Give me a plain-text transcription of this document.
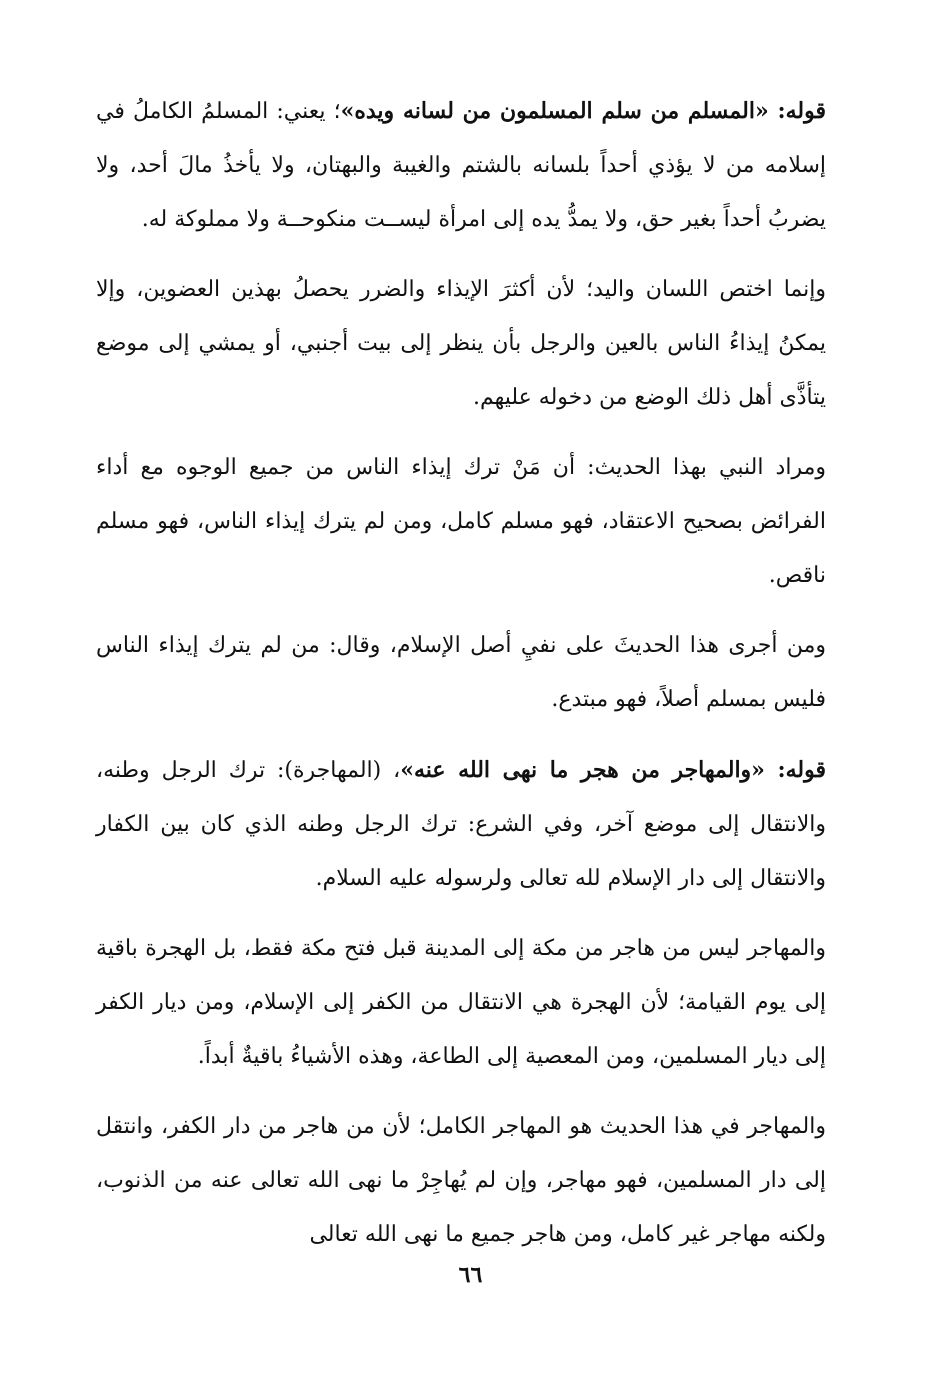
قوله: «المسلم من سلم المسلمون من لسانه ويده»؛ يعني: المسلمُ الكاملُ في إسلامه من لا يؤذي أحداً بلسانه بالشتم والغيبة والبهتان، ولا يأخذُ مالَ أحد، ولا يضربُ أحداً بغير حق، ولا يمدُّ يده إلى امرأة ليســت منكوحــة ولا مملوكة له.

وإنما اختص اللسان واليد؛ لأن أكثرَ الإيذاء والضرر يحصلُ بهذين العضوين، وإلا يمكنُ إيذاءُ الناس بالعين والرجل بأن ينظر إلى بيت أجنبي، أو يمشي إلى موضع يتأذَّى أهل ذلك الوضع من دخوله عليهم.

ومراد النبي بهذا الحديث: أن مَنْ ترك إيذاء الناس من جميع الوجوه مع أداء الفرائض بصحيح الاعتقاد، فهو مسلم كامل، ومن لم يترك إيذاء الناس، فهو مسلم ناقص.

ومن أجرى هذا الحديثَ على نفيِ أصل الإسلام، وقال: من لم يترك إيذاء الناس فليس بمسلم أصلاً، فهو مبتدع.

قوله: «والمهاجر من هجر ما نهى الله عنه»، (المهاجرة): ترك الرجل وطنه، والانتقال إلى موضع آخر، وفي الشرع: ترك الرجل وطنه الذي كان بين الكفار والانتقال إلى دار الإسلام لله تعالى ولرسوله عليه السلام.

والمهاجر ليس من هاجر من مكة إلى المدينة قبل فتح مكة فقط، بل الهجرة باقية إلى يوم القيامة؛ لأن الهجرة هي الانتقال من الكفر إلى الإسلام، ومن ديار الكفر إلى ديار المسلمين، ومن المعصية إلى الطاعة، وهذه الأشياءُ باقيةٌ أبداً.

والمهاجر في هذا الحديث هو المهاجر الكامل؛ لأن من هاجر من دار الكفر، وانتقل إلى دار المسلمين، فهو مهاجر، وإن لم يُهاجِرْ ما نهى الله تعالى عنه من الذنوب، ولكنه مهاجر غير كامل، ومن هاجر جميع ما نهى الله تعالى

٦٦
